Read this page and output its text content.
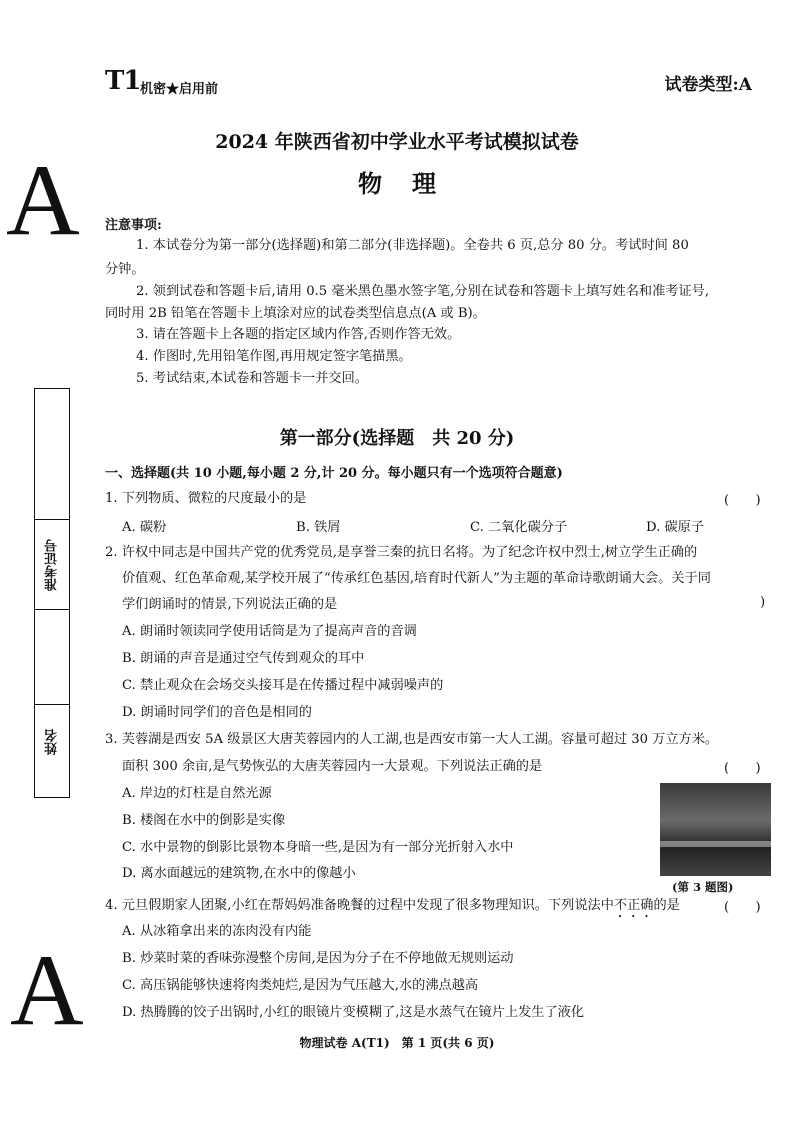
T1 机密★启用前	试卷类型:A
A
A
2024 年陕西省初中学业水平考试模拟试卷
物理
注意事项:
1. 本试卷分为第一部分(选择题)和第二部分(非选择题)。全卷共 6 页,总分 80 分。考试时间 80
分钟。
2. 领到试卷和答题卡后,请用 0.5 毫米黑色墨水签字笔,分别在试卷和答题卡上填写姓名和准考证号,
同时用 2B 铅笔在答题卡上填涂对应的试卷类型信息点(A 或 B)。
3. 请在答题卡上各题的指定区域内作答,否则作答无效。
4. 作图时,先用铅笔作图,再用规定签字笔描黑。
5. 考试结束,本试卷和答题卡一并交回。
准考证号
姓名
第一部分(选择题　共 20 分)
一、选择题(共 10 小题,每小题 2 分,计 20 分。每小题只有一个选项符合题意)
1. 下列物质、微粒的尺度最小的是	(　　)
A. 碳粉	B. 铁屑	C. 二氧化碳分子	D. 碳原子
2. 许权中同志是中国共产党的优秀党员,是享誉三秦的抗日名将。为了纪念许权中烈士,树立学生正确的
价值观、红色革命观,某学校开展了“传承红色基因,培育时代新人”为主题的革命诗歌朗诵大会。关于同
学们朗诵时的情景,下列说法正确的是	)
A. 朗诵时领读同学使用话筒是为了提高声音的音调
B. 朗诵的声音是通过空气传到观众的耳中
C. 禁止观众在会场交头接耳是在传播过程中减弱噪声的
D. 朗诵时同学们的音色是相同的
3. 芙蓉湖是西安 5A 级景区大唐芙蓉园内的人工湖,也是西安市第一大人工湖。容量可超过 30 万立方米。
面积 300 余亩,是气势恢弘的大唐芙蓉园内一大景观。下列说法正确的是	(　　)
A. 岸边的灯柱是自然光源
B. 楼阁在水中的倒影是实像
C. 水中景物的倒影比景物本身暗一些,是因为有一部分光折射入水中
D. 离水面越远的建筑物,在水中的像越小
(第 3 题图)
4. 元旦假期家人团聚,小红在帮妈妈准备晚餐的过程中发现了很多物理知识。下列说法中不正确的是	(　　)
A. 从冰箱拿出来的冻肉没有内能
B. 炒菜时菜的香味弥漫整个房间,是因为分子在不停地做无规则运动
C. 高压锅能够快速将肉类炖烂,是因为气压越大,水的沸点越高
D. 热腾腾的饺子出锅时,小红的眼镜片变模糊了,这是水蒸气在镜片上发生了液化
物理试卷 A(T1)　第 1 页(共 6 页)
